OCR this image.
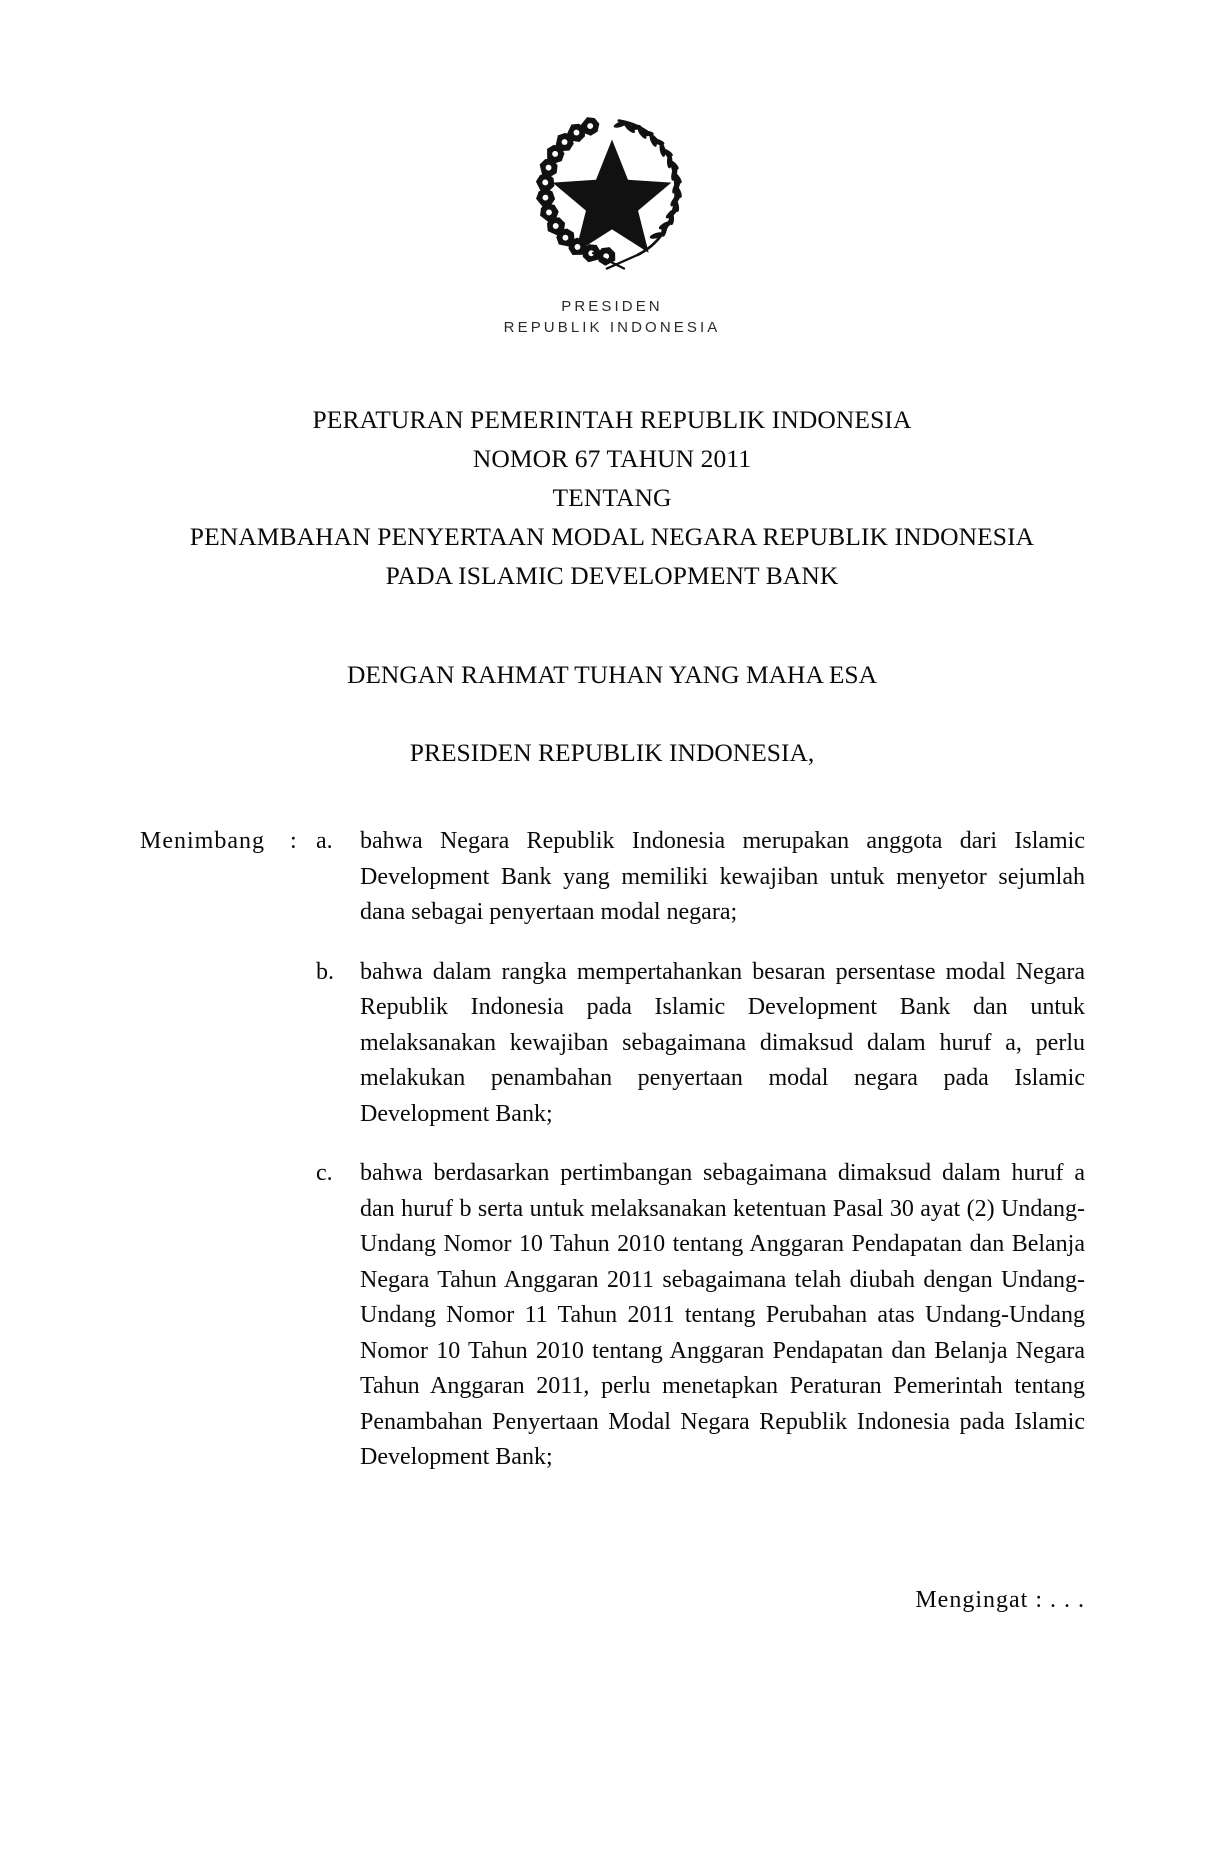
PRESIDEN
REPUBLIK INDONESIA
PERATURAN PEMERINTAH REPUBLIK INDONESIA
NOMOR 67 TAHUN 2011
TENTANG
PENAMBAHAN PENYERTAAN MODAL NEGARA REPUBLIK INDONESIA
PADA ISLAMIC DEVELOPMENT BANK
DENGAN RAHMAT TUHAN YANG MAHA ESA
PRESIDEN REPUBLIK INDONESIA,
Menimbang	: a.	bahwa Negara Republik Indonesia merupakan anggota dari Islamic Development Bank yang memiliki kewajiban untuk menyetor sejumlah dana sebagai penyertaan modal negara;
b.	bahwa dalam rangka mempertahankan besaran persentase modal Negara Republik Indonesia pada Islamic Development Bank dan untuk melaksanakan kewajiban sebagaimana dimaksud dalam huruf a, perlu melakukan penambahan penyertaan modal negara pada Islamic Development Bank;
c.	bahwa berdasarkan pertimbangan sebagaimana dimaksud dalam huruf a dan huruf b serta untuk melaksanakan ketentuan Pasal 30 ayat (2) Undang-Undang Nomor 10 Tahun 2010 tentang Anggaran Pendapatan dan Belanja Negara Tahun Anggaran 2011 sebagaimana telah diubah dengan Undang-Undang Nomor 11 Tahun 2011 tentang Perubahan atas Undang-Undang Nomor 10 Tahun 2010 tentang Anggaran Pendapatan dan Belanja Negara Tahun Anggaran 2011, perlu menetapkan Peraturan Pemerintah tentang Penambahan Penyertaan Modal Negara Republik Indonesia pada Islamic Development Bank;
Mengingat : . . .
